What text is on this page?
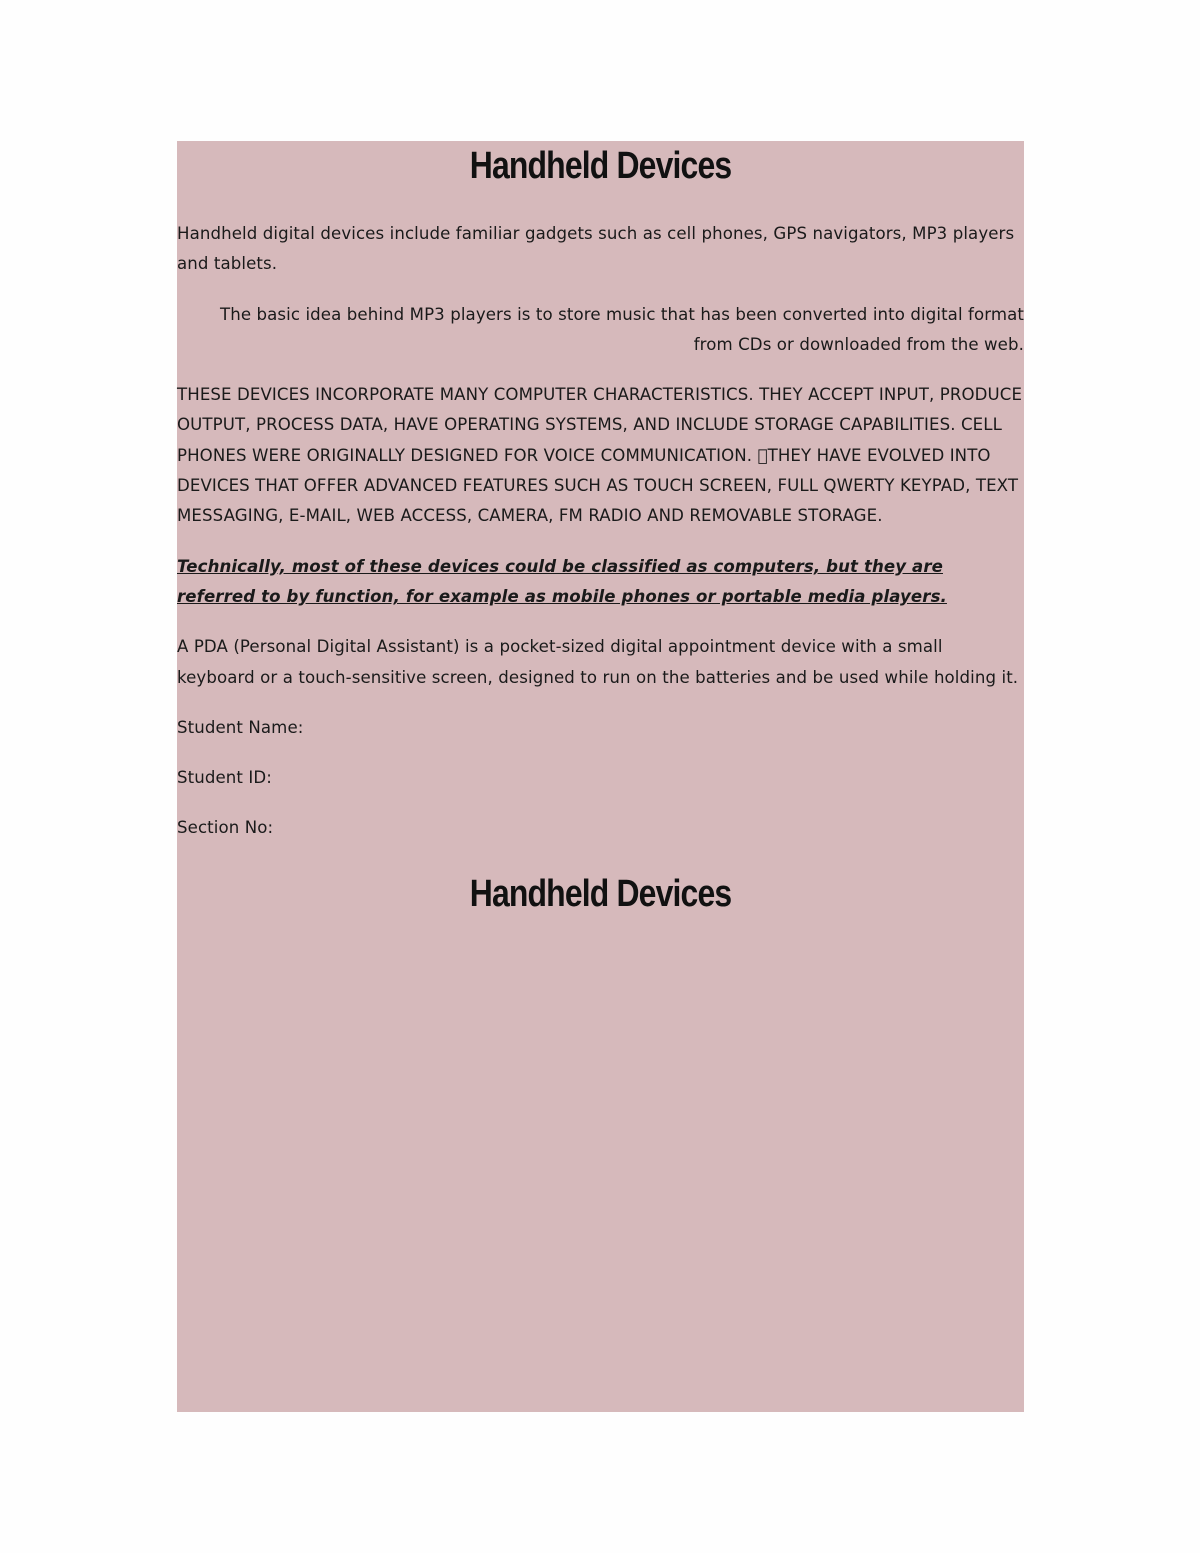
Handheld Devices

Handheld digital devices include familiar gadgets such as cell phones, GPS navigators, MP3 players and tablets.

The basic idea behind MP3 players is to store music that has been converted into digital format
from CDs or downloaded from the web.

THESE DEVICES INCORPORATE MANY COMPUTER CHARACTERISTICS. THEY ACCEPT INPUT, PRODUCE OUTPUT, PROCESS DATA, HAVE OPERATING SYSTEMS, AND INCLUDE STORAGE CAPABILITIES. CELL PHONES WERE ORIGINALLY DESIGNED FOR VOICE COMMUNICATION. THEY HAVE EVOLVED INTO DEVICES THAT OFFER ADVANCED FEATURES SUCH AS TOUCH SCREEN, FULL QWERTY KEYPAD, TEXT MESSAGING, E-MAIL, WEB ACCESS, CAMERA, FM RADIO AND REMOVABLE STORAGE.

Technically, most of these devices could be classified as computers, but they are referred to by function, for example as mobile phones or portable media players.

A PDA (Personal Digital Assistant) is a pocket-sized digital appointment device with a small keyboard or a touch-sensitive screen, designed to run on the batteries and be used while holding it.

Student Name:

Student ID:

Section No:

Handheld Devices
